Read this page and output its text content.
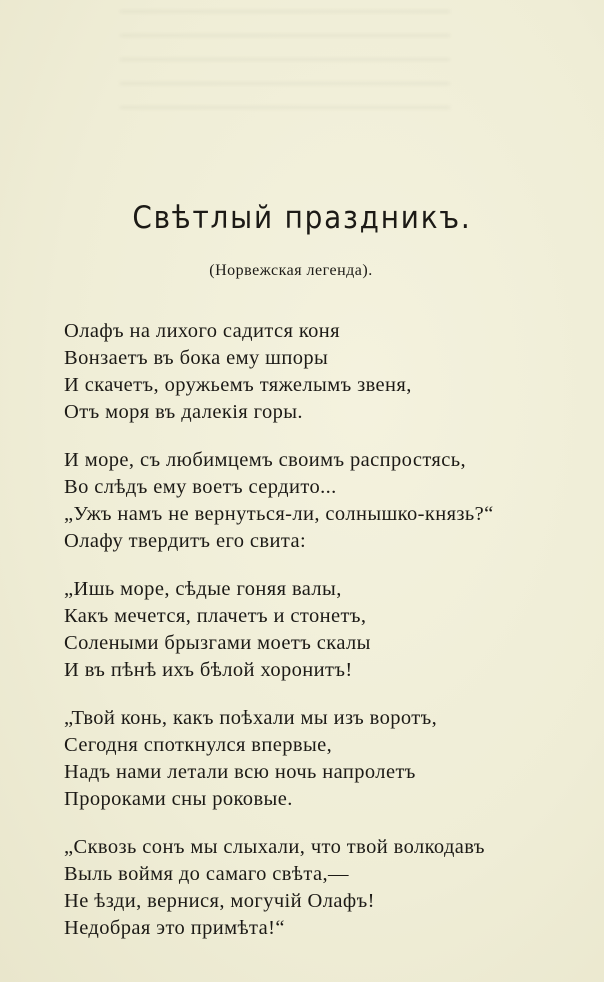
Свѣтлый праздникъ.

(Норвежская легенда).

Олафъ на лихого садится коня
Вонзаетъ въ бока ему шпоры
И скачетъ, оружьемъ тяжелымъ звеня,
Отъ моря въ далекія горы.
И море, съ любимцемъ своимъ распростясь,
Во слѣдъ ему воетъ сердито...
„Ужъ намъ не вернуться-ли, солнышко-князь?“
Олафу твердитъ его свита:
„Ишь море, сѣдые гоняя валы,
Какъ мечется, плачетъ и стонетъ,
Солеными брызгами моетъ скалы
И въ пѣнѣ ихъ бѣлой хоронитъ!
„Твой конь, какъ поѣхали мы изъ воротъ,
Сегодня споткнулся впервые,
Надъ нами летали всю ночь напролетъ
Пророками сны роковые.
„Сквозь сонъ мы слыхали, что твой волкодавъ
Выль воймя до самаго свѣта,—
Не ѣзди, вернися, могучій Олафъ!
Недобрая это примѣта!“
